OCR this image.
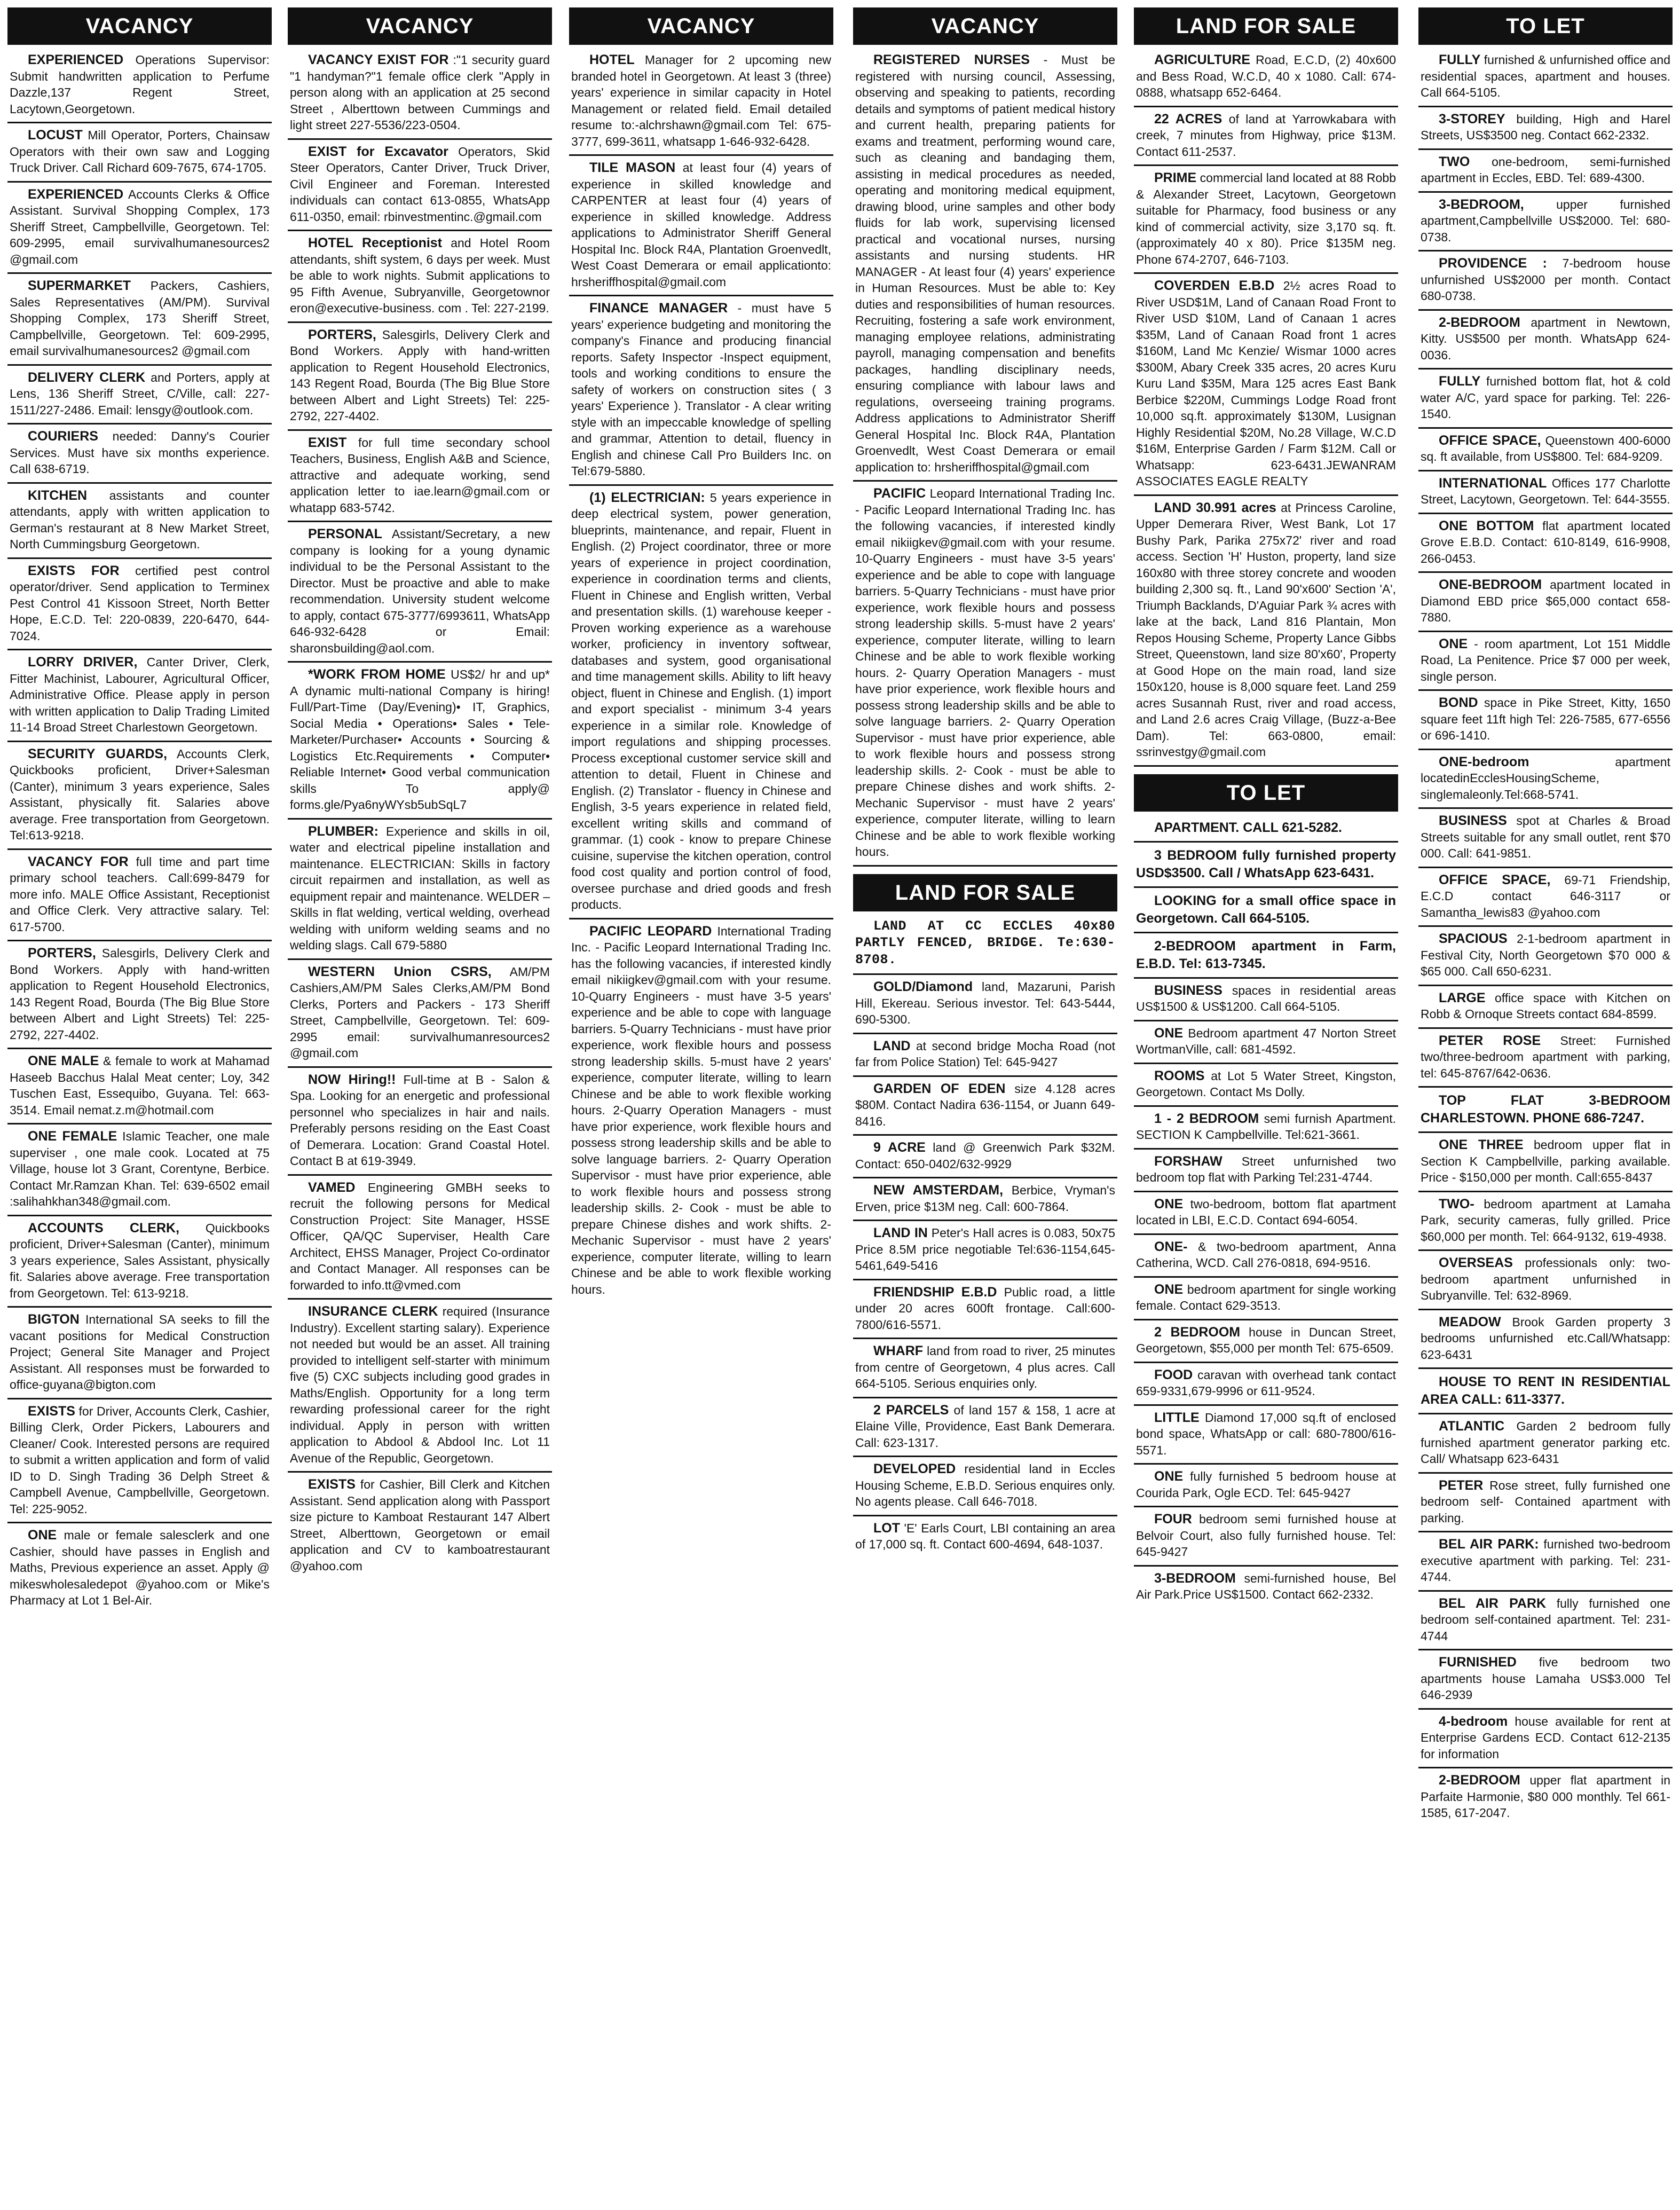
VACANCY
EXPERIENCED Operations Supervisor: Submit handwritten application to Perfume Dazzle,137 Regent Street, Lacytown,Georgetown.
LOCUST Mill Operator, Porters, Chainsaw Operators with their own saw and Logging Truck Driver. Call Richard 609-7675, 674-1705.
EXPERIENCED Accounts Clerks & Office Assistant. Survival Shopping Complex, 173 Sheriff Street, Campbellville, Georgetown. Tel: 609-2995, email survivalhumanesources2 @gmail.com
SUPERMARKET Packers, Cashiers, Sales Representatives (AM/PM). Survival Shopping Complex, 173 Sheriff Street, Campbellville, Georgetown. Tel: 609-2995, email survivalhumanesources2 @gmail.com
DELIVERY CLERK and Porters, apply at Lens, 136 Sheriff Street, C/Ville, call: 227-1511/227-2486. Email: lensgy@outlook.com.
COURIERS needed: Danny's Courier Services. Must have six months experience. Call 638-6719.
KITCHEN assistants and counter attendants, apply with written application to German's restaurant at 8 New Market Street, North Cummingsburg Georgetown.
EXISTS FOR certified pest control operator/driver. Send application to Terminex Pest Control 41 Kissoon Street, North Better Hope, E.C.D. Tel: 220-0839, 220-6470, 644-7024.
LORRY DRIVER, Canter Driver, Clerk, Fitter Machinist, Labourer, Agricultural Officer, Administrative Office. Please apply in person with written application to Dalip Trading Limited 11-14 Broad Street Charlestown Georgetown.
SECURITY GUARDS, Accounts Clerk, Quickbooks proficient, Driver+Salesman (Canter), minimum 3 years experience, Sales Assistant, physically fit. Salaries above average. Free transportation from Georgetown. Tel:613-9218.
VACANCY FOR full time and part time primary school teachers. Call:699-8479 for more info. MALE Office Assistant, Receptionist and Office Clerk. Very attractive salary. Tel: 617-5700.
PORTERS, Salesgirls, Delivery Clerk and Bond Workers. Apply with hand-written application to Regent Household Electronics, 143 Regent Road, Bourda (The Big Blue Store between Albert and Light Streets) Tel: 225-2792, 227-4402.
ONE MALE & female to work at Mahamad Haseeb Bacchus Halal Meat center; Loy, 342 Tuschen East, Essequibo, Guyana. Tel: 663-3514. Email nemat.z.m@hotmail.com
ONE FEMALE Islamic Teacher, one male superviser , one male cook. Located at 75 Village, house lot 3 Grant, Corentyne, Berbice. Contact Mr.Ramzan Khan. Tel: 639-6502 email :salihahkhan348@gmail.com.
ACCOUNTS CLERK, Quickbooks proficient, Driver+Salesman (Canter), minimum 3 years experience, Sales Assistant, physically fit. Salaries above average. Free transportation from Georgetown. Tel: 613-9218.
BIGTON International SA seeks to fill the vacant positions for Medical Construction Project; General Site Manager and Project Assistant. All responses must be forwarded to office-guyana@bigton.com
EXISTS for Driver, Accounts Clerk, Cashier, Billing Clerk, Order Pickers, Labourers and Cleaner/ Cook. Interested persons are required to submit a written application and form of valid ID to D. Singh Trading 36 Delph Street & Campbell Avenue, Campbellville, Georgetown. Tel: 225-9052.
ONE male or female salesclerk and one Cashier, should have passes in English and Maths, Previous experience an asset. Apply @ mikeswholesaledepot @yahoo.com or Mike's Pharmacy at Lot 1 Bel-Air.
VACANCY
VACANCY EXIST FOR :"1 security guard "1 handyman?"1 female office clerk "Apply in person along with an application at 25 second Street , Alberttown between Cummings and light street 227-5536/223-0504.
EXIST for Excavator Operators, Skid Steer Operators, Canter Driver, Truck Driver, Civil Engineer and Foreman. Interested individuals can contact 613-0855, WhatsApp 611-0350, email: rbinvestmentinc.@gmail.com
HOTEL Receptionist and Hotel Room attendants, shift system, 6 days per week. Must be able to work nights. Submit applications to 95 Fifth Avenue, Subryanville, Georgetownor eron@executive-business. com . Tel: 227-2199.
PORTERS, Salesgirls, Delivery Clerk and Bond Workers. Apply with hand-written application to Regent Household Electronics, 143 Regent Road, Bourda (The Big Blue Store between Albert and Light Streets) Tel: 225-2792, 227-4402.
EXIST for full time secondary school Teachers, Business, English A&B and Science, attractive and adequate working, send application letter to iae.learn@gmail.com or whatapp 683-5742.
PERSONAL Assistant/Secretary, a new company is looking for a young dynamic individual to be the Personal Assistant to the Director. Must be proactive and able to make recommendation. University student welcome to apply, contact 675-3777/6993611, WhatsApp 646-932-6428 or Email: sharonsbuilding@aol.com.
*WORK FROM HOME US$2/ hr and up* A dynamic multi-national Company is hiring! Full/Part-Time (Day/Evening)• IT, Graphics, Social Media • Operations• Sales • Tele-Marketer/Purchaser• Accounts • Sourcing & Logistics Etc.Requirements • Computer• Reliable Internet• Good verbal communication skills To apply@ forms.gle/Pya6nyWYsb5ubSqL7
PLUMBER: Experience and skills in oil, water and electrical pipeline installation and maintenance. ELECTRICIAN: Skills in factory circuit repairmen and installation, as well as equipment repair and maintenance. WELDER – Skills in flat welding, vertical welding, overhead welding with uniform welding seams and no welding slags. Call 679-5880
WESTERN Union CSRS, AM/PM Cashiers,AM/PM Sales Clerks,AM/PM Bond Clerks, Porters and Packers - 173 Sheriff Street, Campbellville, Georgetown. Tel: 609-2995 email: survivalhumanresources2 @gmail.com
NOW Hiring!! Full-time at B - Salon & Spa. Looking for an energetic and professional personnel who specializes in hair and nails. Preferably persons residing on the East Coast of Demerara. Location: Grand Coastal Hotel. Contact B at 619-3949.
VAMED Engineering GMBH seeks to recruit the following persons for Medical Construction Project: Site Manager, HSSE Officer, QA/QC Superviser, Health Care Architect, EHSS Manager, Project Co-ordinator and Contact Manager. All responses can be forwarded to info.tt@vmed.com
INSURANCE CLERK required (Insurance Industry). Excellent starting salary). Experience not needed but would be an asset. All training provided to intelligent self-starter with minimum five (5) CXC subjects including good grades in Maths/English. Opportunity for a long term rewarding professional career for the right individual. Apply in person with written application to Abdool & Abdool Inc. Lot 11 Avenue of the Republic, Georgetown.
EXISTS for Cashier, Bill Clerk and Kitchen Assistant. Send application along with Passport size picture to Kamboat Restaurant 147 Albert Street, Alberttown, Georgetown or email application and CV to kamboatrestaurant @yahoo.com
VACANCY
HOTEL Manager for 2 upcoming new branded hotel in Georgetown. At least 3 (three) years' experience in similar capacity in Hotel Management or related field. Email detailed resume to:-alchrshawn@gmail.com Tel: 675-3777, 699-3611, whatsapp 1-646-932-6428.
TILE MASON at least four (4) years of experience in skilled knowledge and CARPENTER at least four (4) years of experience in skilled knowledge. Address applications to Administrator Sheriff General Hospital Inc. Block R4A, Plantation Groenvedlt, West Coast Demerara or email applicationto: hrsheriffhospital@gmail.com
FINANCE MANAGER - must have 5 years' experience budgeting and monitoring the company's Finance and producing financial reports. Safety Inspector -Inspect equipment, tools and working conditions to ensure the safety of workers on construction sites ( 3 years' Experience ). Translator - A clear writing style with an impeccable knowledge of spelling and grammar, Attention to detail, fluency in English and chinese Call Pro Builders Inc. on Tel:679-5880.
(1) ELECTRICIAN: 5 years experience in deep electrical system, power generation, blueprints, maintenance, and repair, Fluent in English. (2) Project coordinator, three or more years of experience in project coordination, experience in coordination terms and clients, Fluent in Chinese and English written, Verbal and presentation skills. (1) warehouse keeper - Proven working experience as a warehouse worker, proficiency in inventory softwear, databases and system, good organisational and time management skills. Ability to lift heavy object, fluent in Chinese and English. (1) import and export specialist - minimum 3-4 years experience in a similar role. Knowledge of import regulations and shipping processes. Process exceptional customer service skill and attention to detail, Fluent in Chinese and English. (2) Translator - fluency in Chinese and English, 3-5 years experience in related field, excellent writing skills and command of grammar. (1) cook - know to prepare Chinese cuisine, supervise the kitchen operation, control food cost quality and portion control of food, oversee purchase and dried goods and fresh products.
PACIFIC LEOPARD International Trading Inc. - Pacific Leopard International Trading Inc. has the following vacancies, if interested kindly email nikiigkev@gmail.com with your resume. 10-Quarry Engineers - must have 3-5 years' experience and be able to cope with language barriers. 5-Quarry Technicians - must have prior experience, work flexible hours and possess strong leadership skills. 5-must have 2 years' experience, computer literate, willing to learn Chinese and be able to work flexible working hours. 2-Quarry Operation Managers - must have prior experience, work flexible hours and possess strong leadership skills and be able to solve language barriers. 2- Quarry Operation Supervisor - must have prior experience, able to work flexible hours and possess strong leadership skills. 2- Cook - must be able to prepare Chinese dishes and work shifts. 2-Mechanic Supervisor - must have 2 years' experience, computer literate, willing to learn Chinese and be able to work flexible working hours.
VACANCY
REGISTERED NURSES - Must be registered with nursing council, Assessing, observing and speaking to patients, recording details and symptoms of patient medical history and current health, preparing patients for exams and treatment, performing wound care, such as cleaning and bandaging them, assisting in medical procedures as needed, operating and monitoring medical equipment, drawing blood, urine samples and other body fluids for lab work, supervising licensed practical and vocational nurses, nursing assistants and nursing students. HR MANAGER - At least four (4) years' experience in Human Resources. Must be able to: Key duties and responsibilities of human resources. Recruiting, fostering a safe work environment, managing employee relations, administrating payroll, managing compensation and benefits packages, handling disciplinary needs, ensuring compliance with labour laws and regulations, overseeing training programs. Address applications to Administrator Sheriff General Hospital Inc. Block R4A, Plantation Groenvedlt, West Coast Demerara or email application to: hrsheriffhospital@gmail.com
PACIFIC Leopard International Trading Inc. - Pacific Leopard International Trading Inc. has the following vacancies, if interested kindly email nikiigkev@gmail.com with your resume. 10-Quarry Engineers - must have 3-5 years' experience and be able to cope with language barriers. 5-Quarry Technicians - must have prior experience, work flexible hours and possess strong leadership skills. 5-must have 2 years' experience, computer literate, willing to learn Chinese and be able to work flexible working hours. 2- Quarry Operation Managers - must have prior experience, work flexible hours and possess strong leadership skills and be able to solve language barriers. 2- Quarry Operation Supervisor - must have prior experience, able to work flexible hours and possess strong leadership skills. 2- Cook - must be able to prepare Chinese dishes and work shifts. 2-Mechanic Supervisor - must have 2 years' experience, computer literate, willing to learn Chinese and be able to work flexible working hours.
LAND FOR SALE
LAND AT CC ECCLES 40x80 PARTLY FENCED, BRIDGE. Te:630-8708.
GOLD/Diamond land, Mazaruni, Parish Hill, Ekereau. Serious investor. Tel: 643-5444, 690-5300.
LAND at second bridge Mocha Road (not far from Police Station) Tel: 645-9427
GARDEN OF EDEN size 4.128 acres $80M. Contact Nadira 636-1154, or Juann 649-8416.
9 ACRE land @ Greenwich Park $32M. Contact: 650-0402/632-9929
NEW AMSTERDAM, Berbice, Vryman's Erven, price $13M neg. Call: 600-7864.
LAND IN Peter's Hall acres is 0.083, 50x75 Price 8.5M price negotiable Tel:636-1154,645-5461,649-5416
FRIENDSHIP E.B.D Public road, a little under 20 acres 600ft frontage. Call:600-7800/616-5571.
WHARF land from road to river, 25 minutes from centre of Georgetown, 4 plus acres. Call 664-5105. Serious enquiries only.
2 PARCELS of land 157 & 158, 1 acre at Elaine Ville, Providence, East Bank Demerara. Call: 623-1317.
DEVELOPED residential land in Eccles Housing Scheme, E.B.D. Serious enquires only. No agents please. Call 646-7018.
LOT 'E' Earls Court, LBI containing an area of 17,000 sq. ft. Contact 600-4694, 648-1037.
LAND FOR SALE
AGRICULTURE Road, E.C.D, (2) 40x600 and Bess Road, W.C.D, 40 x 1080. Call: 674-0888, whatsapp 652-6464.
22 ACRES of land at Yarrowkabara with creek, 7 minutes from Highway, price $13M. Contact 611-2537.
PRIME commercial land located at 88 Robb & Alexander Street, Lacytown, Georgetown suitable for Pharmacy, food business or any kind of commercial activity, size 3,170 sq. ft. (approximately 40 x 80). Price $135M neg. Phone 674-2707, 646-7103.
COVERDEN E.B.D 2½ acres Road to River USD$1M, Land of Canaan Road Front to River USD $10M, Land of Canaan 1 acres $35M, Land of Canaan Road front 1 acres $160M, Land Mc Kenzie/ Wismar 1000 acres $300M, Abary Creek 335 acres, 20 acres Kuru Kuru Land $35M, Mara 125 acres East Bank Berbice $220M, Cummings Lodge Road front 10,000 sq.ft. approximately $130M, Lusignan Highly Residential $20M, No.28 Village, W.C.D $16M, Enterprise Garden / Farm $12M. Call or Whatsapp: 623-6431.JEWANRAM ASSOCIATES EAGLE REALTY
LAND 30.991 acres at Princess Caroline, Upper Demerara River, West Bank, Lot 17 Bushy Park, Parika 275x72' river and road access. Section 'H' Huston, property, land size 160x80 with three storey concrete and wooden building 2,300 sq. ft., Land 90'x600' Section 'A', Triumph Backlands, D'Aguiar Park ¾ acres with lake at the back, Land 816 Plantain, Mon Repos Housing Scheme, Property Lance Gibbs Street, Queenstown, land size 80'x60', Property at Good Hope on the main road, land size 150x120, house is 8,000 square feet. Land 259 acres Susannah Rust, river and road access, and Land 2.6 acres Craig Village, (Buzz-a-Bee Dam). Tel: 663-0800, email: ssrinvestgy@gmail.com
TO LET
APARTMENT. CALL 621-5282.
3 BEDROOM fully furnished property USD$3500. Call / WhatsApp 623-6431.
LOOKING for a small office space in Georgetown. Call 664-5105.
2-BEDROOM apartment in Farm, E.B.D. Tel: 613-7345.
BUSINESS spaces in residential areas US$1500 & US$1200. Call 664-5105.
ONE Bedroom apartment 47 Norton Street WortmanVille, call: 681-4592.
ROOMS at Lot 5 Water Street, Kingston, Georgetown. Contact Ms Dolly.
1 - 2 BEDROOM semi furnish Apartment. SECTION K Campbellville. Tel:621-3661.
FORSHAW Street unfurnished two bedroom top flat with Parking Tel:231-4744.
ONE two-bedroom, bottom flat apartment located in LBI, E.C.D. Contact 694-6054.
ONE- & two-bedroom apartment, Anna Catherina, WCD. Call 276-0818, 694-9516.
ONE bedroom apartment for single working female. Contact 629-3513.
2 BEDROOM house in Duncan Street, Georgetown, $55,000 per month Tel: 675-6509.
FOOD caravan with overhead tank contact 659-9331,679-9996 or 611-9524.
LITTLE Diamond 17,000 sq.ft of enclosed bond space, WhatsApp or call: 680-7800/616-5571.
ONE fully furnished 5 bedroom house at Courida Park, Ogle ECD. Tel: 645-9427
FOUR bedroom semi furnished house at Belvoir Court, also fully furnished house. Tel: 645-9427
3-BEDROOM semi-furnished house, Bel Air Park.Price US$1500. Contact 662-2332.
TO LET
FULLY furnished & unfurnished office and residential spaces, apartment and houses. Call 664-5105.
3-STOREY building, High and Harel Streets, US$3500 neg. Contact 662-2332.
TWO one-bedroom, semi-furnished apartment in Eccles, EBD. Tel: 689-4300.
3-BEDROOM, upper furnished apartment,Campbellville US$2000. Tel: 680-0738.
PROVIDENCE : 7-bedroom house unfurnished US$2000 per month. Contact 680-0738.
2-BEDROOM apartment in Newtown, Kitty. US$500 per month. WhatsApp 624-0036.
FULLY furnished bottom flat, hot & cold water A/C, yard space for parking. Tel: 226-1540.
OFFICE SPACE, Queenstown 400-6000 sq. ft available, from US$800. Tel: 684-9209.
INTERNATIONAL Offices 177 Charlotte Street, Lacytown, Georgetown. Tel: 644-3555.
ONE BOTTOM flat apartment located Grove E.B.D. Contact: 610-8149, 616-9908, 266-0453.
ONE-BEDROOM apartment located in Diamond EBD price $65,000 contact 658-7880.
ONE - room apartment, Lot 151 Middle Road, La Penitence. Price $7 000 per week, single person.
BOND space in Pike Street, Kitty, 1650 square feet 11ft high Tel: 226-7585, 677-6556 or 696-1410.
ONE-bedroom apartment locatedinEcclesHousingScheme, singlemaleonly.Tel:668-5741.
BUSINESS spot at Charles & Broad Streets suitable for any small outlet, rent $70 000. Call: 641-9851.
OFFICE SPACE, 69-71 Friendship, E.C.D contact 646-3117 or Samantha_lewis83 @yahoo.com
SPACIOUS 2-1-bedroom apartment in Festival City, North Georgetown $70 000 & $65 000. Call 650-6231.
LARGE office space with Kitchen on Robb & Ornoque Streets contact 684-8599.
PETER ROSE Street: Furnished two/three-bedroom apartment with parking, tel: 645-8767/642-0636.
TOP FLAT 3-BEDROOM CHARLESTOWN. PHONE 686-7247.
ONE THREE bedroom upper flat in Section K Campbellville, parking available. Price - $150,000 per month. Call:655-8437
TWO- bedroom apartment at Lamaha Park, security cameras, fully grilled. Price $60,000 per month. Tel: 664-9132, 619-4938.
OVERSEAS professionals only: two-bedroom apartment unfurnished in Subryanville. Tel: 632-8969.
MEADOW Brook Garden property 3 bedrooms unfurnished etc.Call/Whatsapp: 623-6431
HOUSE TO RENT IN RESIDENTIAL AREA CALL: 611-3377.
ATLANTIC Garden 2 bedroom fully furnished apartment generator parking etc. Call/ Whatsapp 623-6431
PETER Rose street, fully furnished one bedroom self- Contained apartment with parking.
BEL AIR PARK: furnished two-bedroom executive apartment with parking. Tel: 231-4744.
BEL AIR PARK fully furnished one bedroom self-contained apartment. Tel: 231-4744
FURNISHED five bedroom two apartments house Lamaha US$3.000 Tel 646-2939
4-bedroom house available for rent at Enterprise Gardens ECD. Contact 612-2135 for information
2-BEDROOM upper flat apartment in Parfaite Harmonie, $80 000 monthly. Tel 661-1585, 617-2047.
